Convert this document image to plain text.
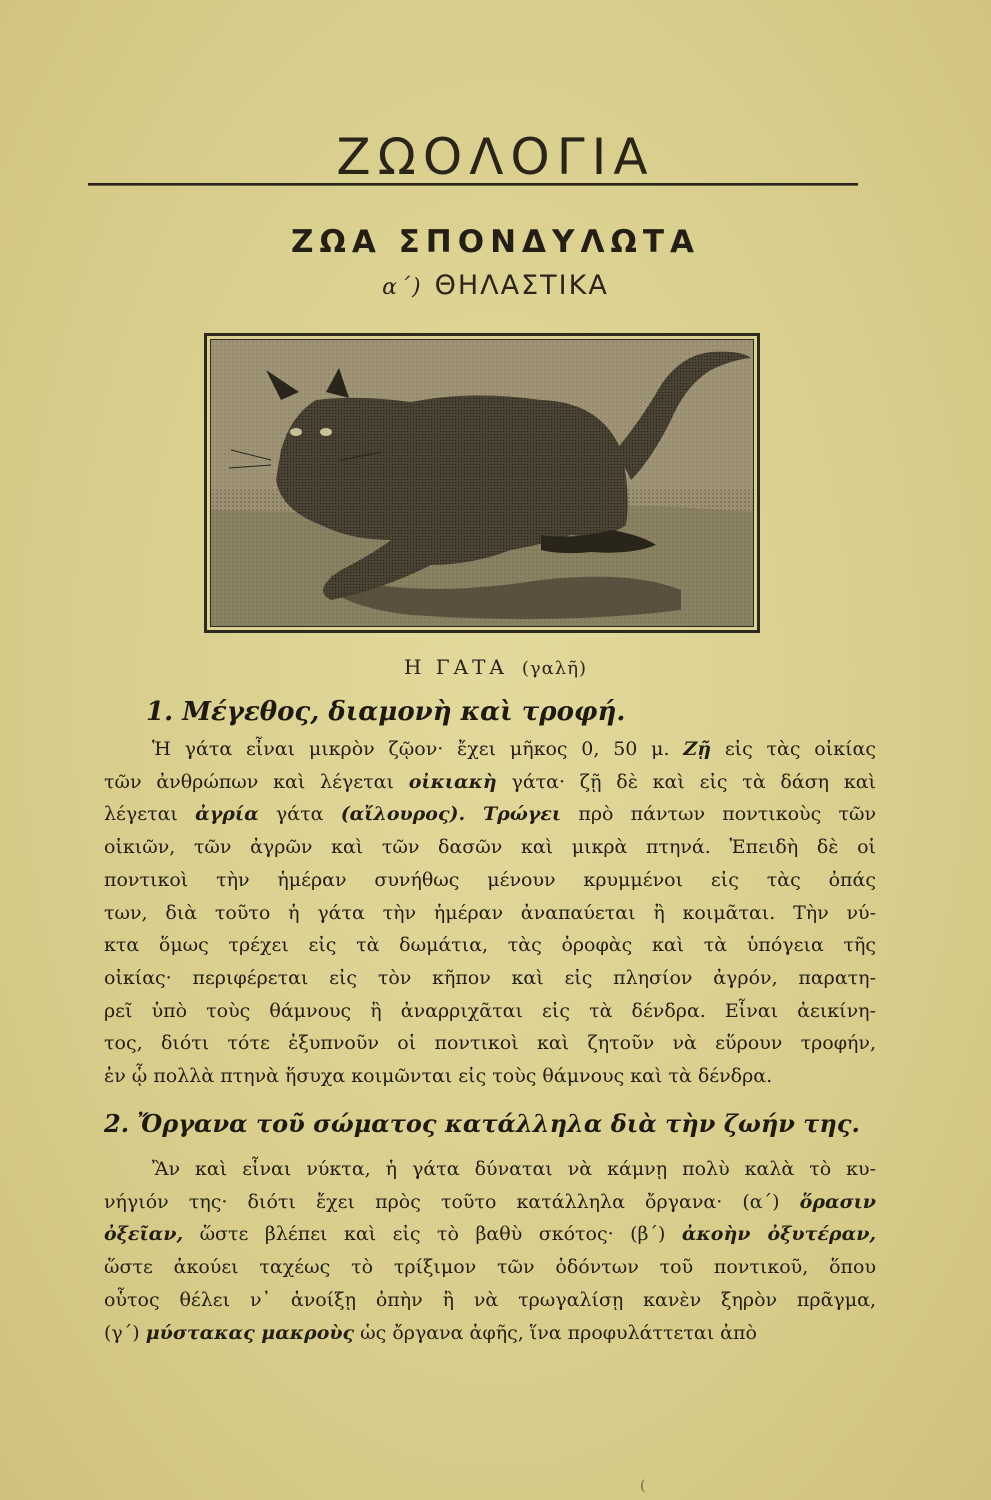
ΖΩΟΛΟΓΙΑ
ΖΩΑ ΣΠΟΝΔΥΛΩΤΑ
α΄) ΘΗΛΑΣΤΙΚΑ
Η ΓΑΤΑ (γαλῆ)
1. Μέγεθος, διαμονὴ καὶ τροφή.
Ἡ γάτα εἶναι μικρὸν ζῷον· ἔχει μῆκος 0, 50 μ. Ζῇ εἰς τὰς οἰκίας
τῶν ἀνθρώπων καὶ λέγεται οἰκιακὴ γάτα· ζῇ δὲ καὶ εἰς τὰ δάση καὶ
λέγεται ἀγρία γάτα (αἴλουρος). Τρώγει πρὸ πάντων ποντικοὺς τῶν
οἰκιῶν, τῶν ἀγρῶν καὶ τῶν δασῶν καὶ μικρὰ πτηνά. Ἐπειδὴ δὲ οἱ
ποντικοὶ τὴν ἡμέραν συνήθως μένουν κρυμμένοι εἰς τὰς ὀπάς
των, διὰ τοῦτο ἡ γάτα τὴν ἡμέραν ἀναπαύεται ἢ κοιμᾶται. Τὴν νύ-
κτα ὅμως τρέχει εἰς τὰ δωμάτια, τὰς ὀροφὰς καὶ τὰ ὑπόγεια τῆς
οἰκίας· περιφέρεται εἰς τὸν κῆπον καὶ εἰς πλησίον ἀγρόν, παρατη-
ρεῖ ὑπὸ τοὺς θάμνους ἢ ἀναρριχᾶται εἰς τὰ δένδρα. Εἶναι ἀεικίνη-
τος, διότι τότε ἐξυπνοῦν οἱ ποντικοὶ καὶ ζητοῦν νὰ εὕρουν τροφήν,
ἐν ᾧ πολλὰ πτηνὰ ἥσυχα κοιμῶνται εἰς τοὺς θάμνους καὶ τὰ δένδρα.
2. Ὄργανα τοῦ σώματος κατάλληλα διὰ τὴν ζωήν της.
Ἂν καὶ εἶναι νύκτα, ἡ γάτα δύναται νὰ κάμνῃ πολὺ καλὰ τὸ κυ-
νήγιόν της· διότι ἔχει πρὸς τοῦτο κατάλληλα ὄργανα· (α΄) ὅρασιν
ὀξεῖαν, ὥστε βλέπει καὶ εἰς τὸ βαθὺ σκότος· (β΄) ἀκοὴν ὀξυτέραν,
ὥστε ἀκούει ταχέως τὸ τρίξιμον τῶν ὀδόντων τοῦ ποντικοῦ, ὅπου
οὗτος θέλει ν᾽ ἀνοίξῃ ὀπὴν ἢ νὰ τρωγαλίσῃ κανὲν ξηρὸν πρᾶγμα,
(γ΄) μύστακας μακροὺς ὡς ὄργανα ἁφῆς, ἵνα προφυλάττεται ἀπὸ
(
